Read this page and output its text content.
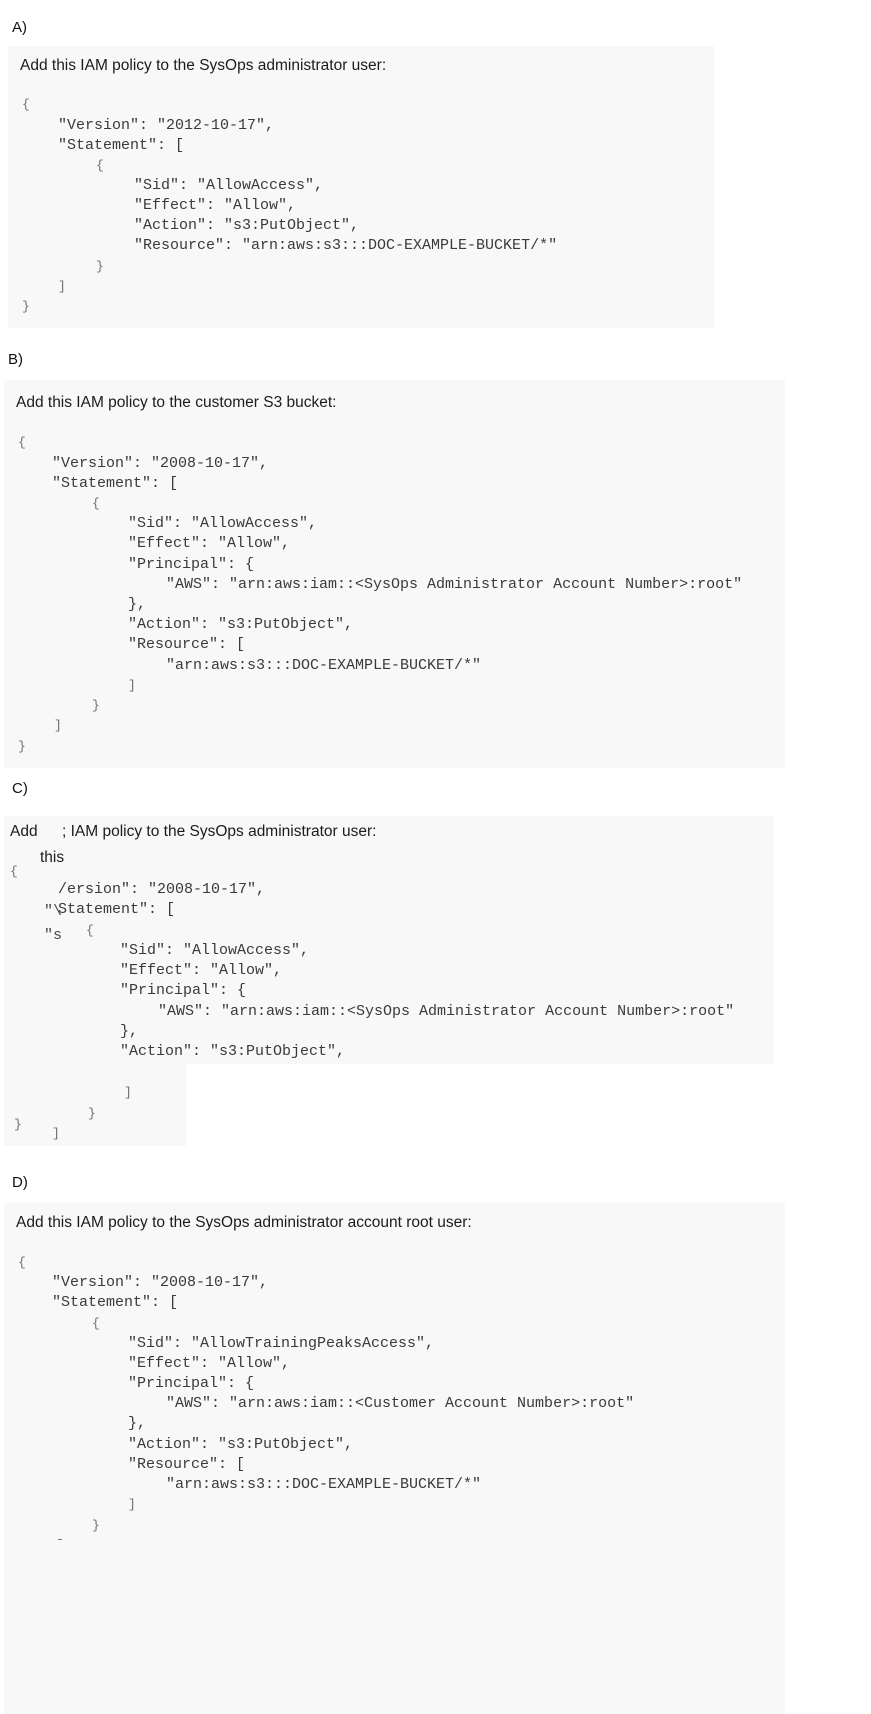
A)
Add this IAM policy to the SysOps administrator user:
{
"Version": "2012-10-17",
"Statement": [
{
"Sid": "AllowAccess",
"Effect": "Allow",
"Action": "s3:PutObject",
"Resource": "arn:aws:s3:::DOC-EXAMPLE-BUCKET/*"
}
]
}
B)
Add this IAM policy to the customer S3 bucket:
{
"Version": "2008-10-17",
"Statement": [
{
"Sid": "AllowAccess",
"Effect": "Allow",
"Principal": {
"AWS": "arn:aws:iam::<SysOps Administrator Account Number>:root"
},
"Action": "s3:PutObject",
"Resource": [
"arn:aws:s3:::DOC-EXAMPLE-BUCKET/*"
]
}
]
}
C)
Add ; IAM policy to the SysOps administrator user:
this
{
/ersion": "2008-10-17",
"\
Statement": [
"s {
"Sid": "AllowAccess",
"Effect": "Allow",
"Principal": {
"AWS": "arn:aws:iam::<SysOps Administrator Account Number>:root"
},
"Action": "s3:PutObject",
]
}
}
]
D)
Add this IAM policy to the SysOps administrator account root user:
{
"Version": "2008-10-17",
"Statement": [
{
"Sid": "AllowTrainingPeaksAccess",
"Effect": "Allow",
"Principal": {
"AWS": "arn:aws:iam::<Customer Account Number>:root"
},
"Action": "s3:PutObject",
"Resource": [
"arn:aws:s3:::DOC-EXAMPLE-BUCKET/*"
]
}
-
